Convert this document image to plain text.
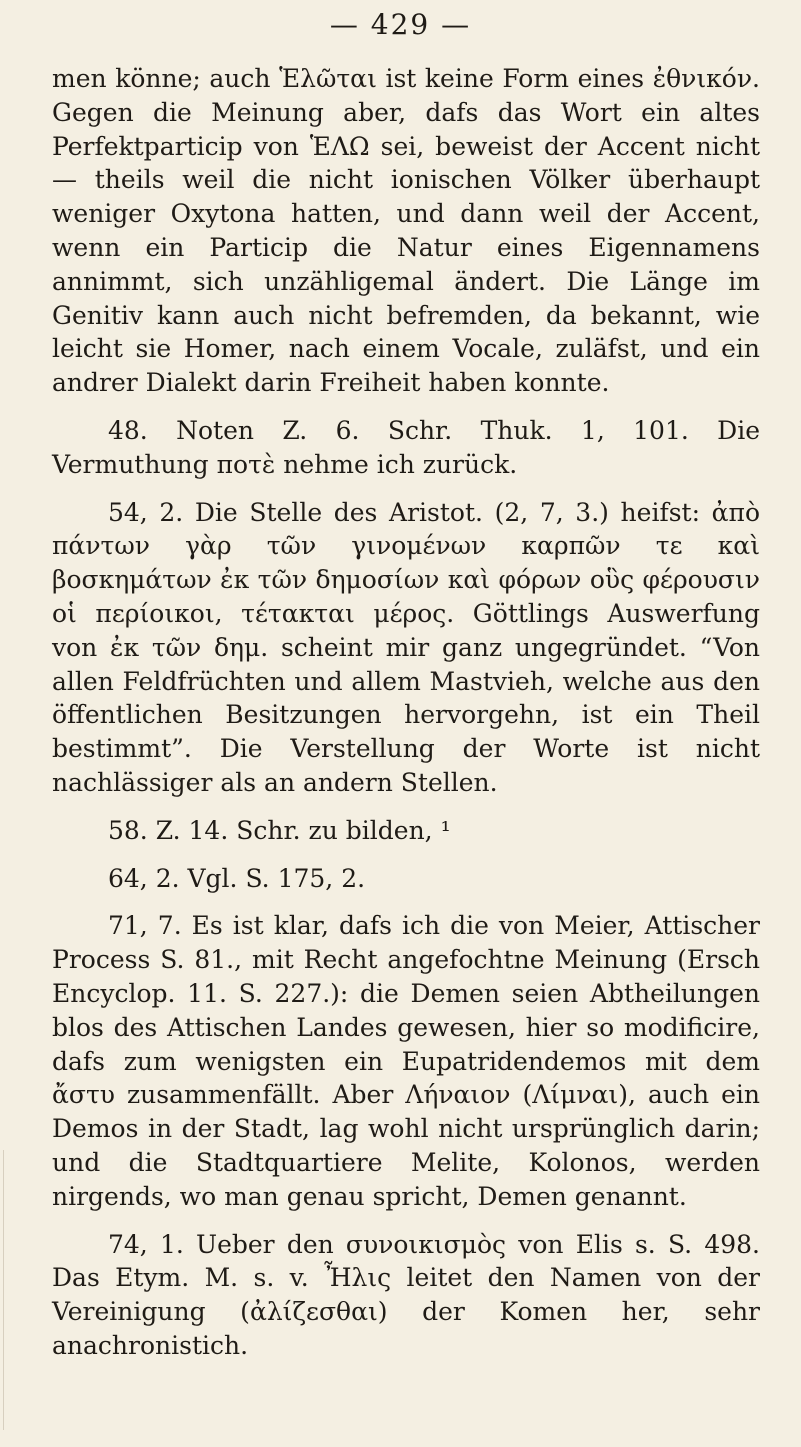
— 429 —

men könne; auch Ἑλῶται ist keine Form eines ἐθνικόν. Gegen die Meinung aber, dafs das Wort ein altes Perfektparticip von ἙΛΩ sei, beweist der Accent nicht — theils weil die nicht ionischen Völker überhaupt weniger Oxytona hatten, und dann weil der Accent, wenn ein Particip die Natur eines Eigennamens annimmt, sich unzähligemal ändert. Die Länge im Genitiv kann auch nicht befremden, da bekannt, wie leicht sie Homer, nach einem Vocale, zuläfst, und ein andrer Dialekt darin Freiheit haben konnte.

48. Noten Z. 6. Schr. Thuk. 1, 101. Die Vermuthung ποτὲ nehme ich zurück.

54, 2. Die Stelle des Aristot. (2, 7, 3.) heifst: ἀπὸ πάντων γὰρ τῶν γινομένων καρπῶν τε καὶ βοσκημάτων ἐκ τῶν δημοσίων καὶ φόρων οὓς φέρουσιν οἱ περίοικοι, τέτακται μέρος. Göttlings Auswerfung von ἐκ τῶν δημ. scheint mir ganz ungegründet. “Von allen Feldfrüchten und allem Mastvieh, welche aus den öffentlichen Besitzungen hervorgehn, ist ein Theil bestimmt”. Die Verstellung der Worte ist nicht nachlässiger als an andern Stellen.

58. Z. 14. Schr. zu bilden, ¹

64, 2. Vgl. S. 175, 2.

71, 7. Es ist klar, dafs ich die von Meier, Attischer Process S. 81., mit Recht angefochtne Meinung (Ersch Encyclop. 11. S. 227.): die Demen seien Abtheilungen blos des Attischen Landes gewesen, hier so modificire, dafs zum wenigsten ein Eupatridendemos mit dem ἄστυ zusammenfällt. Aber Λήναιον (Λίμναι), auch ein Demos in der Stadt, lag wohl nicht ursprünglich darin; und die Stadtquartiere Melite, Kolonos, werden nirgends, wo man genau spricht, Demen genannt.

74, 1. Ueber den συνοικισμὸς von Elis s. S. 498. Das Etym. M. s. v. Ἦλις leitet den Namen von der Vereinigung (ἀλίζεσθαι) der Komen her, sehr anachronistich.
